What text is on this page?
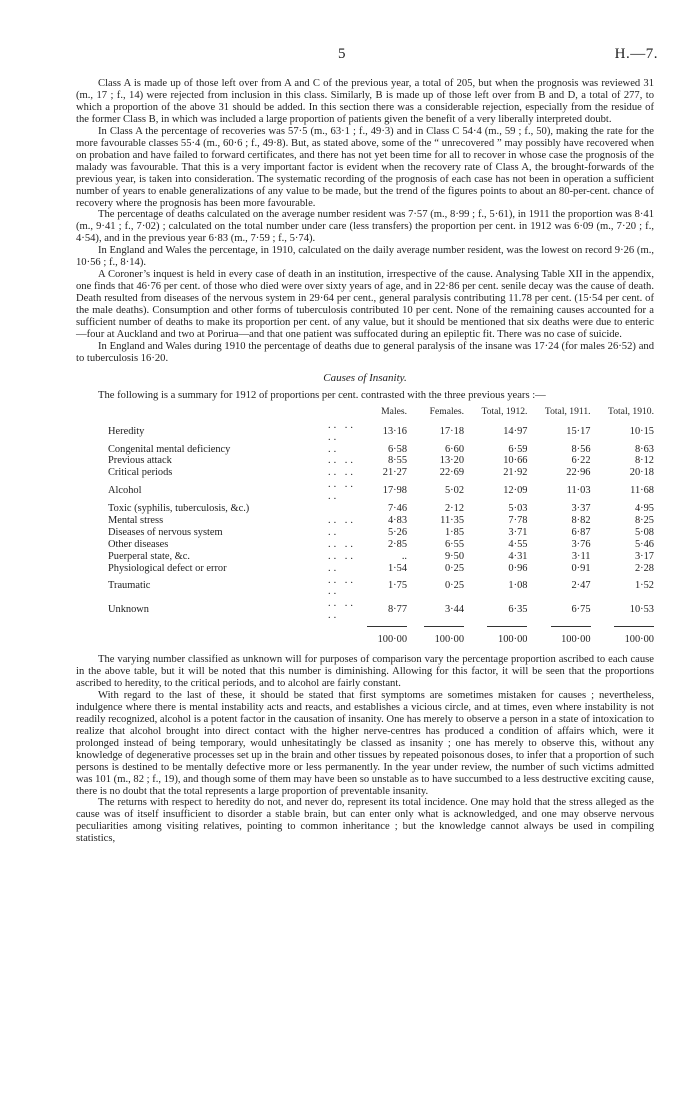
5	H.—7.

Class A is made up of those left over from A and C of the previous year, a total of 205, but when the prognosis was reviewed 31 (m., 17 ; f., 14) were rejected from inclusion in this class. Similarly, B is made up of those left over from B and D, a total of 277, to which a proportion of the above 31 should be added. In this section there was a considerable rejection, especially from the residue of the former Class B, in which was included a large proportion of patients given the benefit of a very liberally interpreted doubt.

In Class A the percentage of recoveries was 57·5 (m., 63·1 ; f., 49·3) and in Class C 54·4 (m., 59 ; f., 50), making the rate for the more favourable classes 55·4 (m., 60·6 ; f., 49·8). But, as stated above, some of the “ unrecovered ” may possibly have recovered when on probation and have failed to forward certificates, and there has not yet been time for all to recover in whose case the prognosis of the malady was favourable. That this is a very important factor is evident when the recovery rate of Class A, the brought-forwards of the previous year, is taken into consideration. The systematic recording of the prognosis of each case has not been in operation a sufficient number of years to enable generalizations of any value to be made, but the trend of the figures points to about an 80-per-cent. chance of recovery where the prognosis has been more favourable.

The percentage of deaths calculated on the average number resident was 7·57 (m., 8·99 ; f., 5·61), in 1911 the proportion was 8·41 (m., 9·41 ; f., 7·02) ; calculated on the total number under care (less transfers) the proportion per cent. in 1912 was 6·09 (m., 7·20 ; f., 4·54), and in the previous year 6·83 (m., 7·59 ; f., 5·74).

In England and Wales the percentage, in 1910, calculated on the daily average number resident, was the lowest on record 9·26 (m., 10·56 ; f., 8·14).

A Coroner’s inquest is held in every case of death in an institution, irrespective of the cause. Analysing Table XII in the appendix, one finds that 46·76 per cent. of those who died were over sixty years of age, and in 22·86 per cent. senile decay was the cause of death. Death resulted from diseases of the nervous system in 29·64 per cent., general paralysis contributing 11.78 per cent. (15·54 per cent. of the male deaths). Consumption and other forms of tuberculosis contributed 10 per cent. None of the remaining causes accounted for a sufficient number of deaths to make its proportion per cent. of any value, but it should be mentioned that six deaths were due to enteric—four at Auckland and two at Porirua—and that one patient was suffocated during an epileptic fit. There was no case of suicide.

In England and Wales during 1910 the percentage of deaths due to general paralysis of the insane was 17·24 (for males 26·52) and to tuberculosis 16·20.

Causes of Insanity.

The following is a summary for 1912 of proportions per cent. contrasted with the three previous years :—

		Males.		Females.		Total, 1912.		Total, 1911.		Total, 1910.
Heredity	.. .. ..	13·16		17·18		14·97		15·17		10·15
Congenital mental deficiency	..	6·58		6·60		6·59		8·56		8·63
Previous attack	.. ..	8·55		13·20		10·66		6·22		8·12
Critical periods	.. ..	21·27		22·69		21·92		22·96		20·18
Alcohol	.. .. ..	17·98		5·02		12·09		11·03		11·68
Toxic (syphilis, tuberculosis, &c.)		7·46		2·12		5·03		3·37		4·95
Mental stress	.. ..	4·83		11·35		7·78		8·82		8·25
Diseases of nervous system	..	5·26		1·85		3·71		6·87		5·08
Other diseases	.. ..	2·85		6·55		4·55		3·76		5·46
Puerperal state, &c.	.. ..	..		9·50		4·31		3·11		3·17
Physiological defect or error	..	1·54		0·25		0·96		0·91		2·28
Traumatic	.. .. ..	1·75		0·25		1·08		2·47		1·52
Unknown	.. .. ..	8·77		3·44		6·35		6·75		10·53

		100·00		100·00		100·00		100·00		100·00

The varying number classified as unknown will for purposes of comparison vary the percentage proportion ascribed to each cause in the above table, but it will be noted that this number is diminishing. Allowing for this factor, it will be seen that the proportions ascribed to heredity, to the critical periods, and to alcohol are fairly constant.

With regard to the last of these, it should be stated that first symptoms are sometimes mistaken for causes ; nevertheless, indulgence where there is mental instability acts and reacts, and establishes a vicious circle, and at times, even where instability is not readily recognized, alcohol is a potent factor in the causation of insanity. One has merely to observe a person in a state of intoxication to realize that alcohol brought into direct contact with the higher nerve-centres has produced a condition of affairs which, were it prolonged instead of being temporary, would unhesitatingly be classed as insanity ; one has merely to observe this, without any knowledge of degenerative processes set up in the brain and other tissues by repeated poisonous doses, to infer that a proportion of such persons is destined to be mentally defective more or less permanently. In the year under review, the number of such victims admitted was 101 (m., 82 ; f., 19), and though some of them may have been so unstable as to have succumbed to a less destructive exciting cause, there is no doubt that the total represents a large proportion of preventable insanity.

The returns with respect to heredity do not, and never do, represent its total incidence. One may hold that the stress alleged as the cause was of itself insufficient to disorder a stable brain, but can enter only what is acknowledged, and one may observe nervous peculiarities among visiting relatives, pointing to common inheritance ; but the knowledge cannot always be used in compiling statistics,
